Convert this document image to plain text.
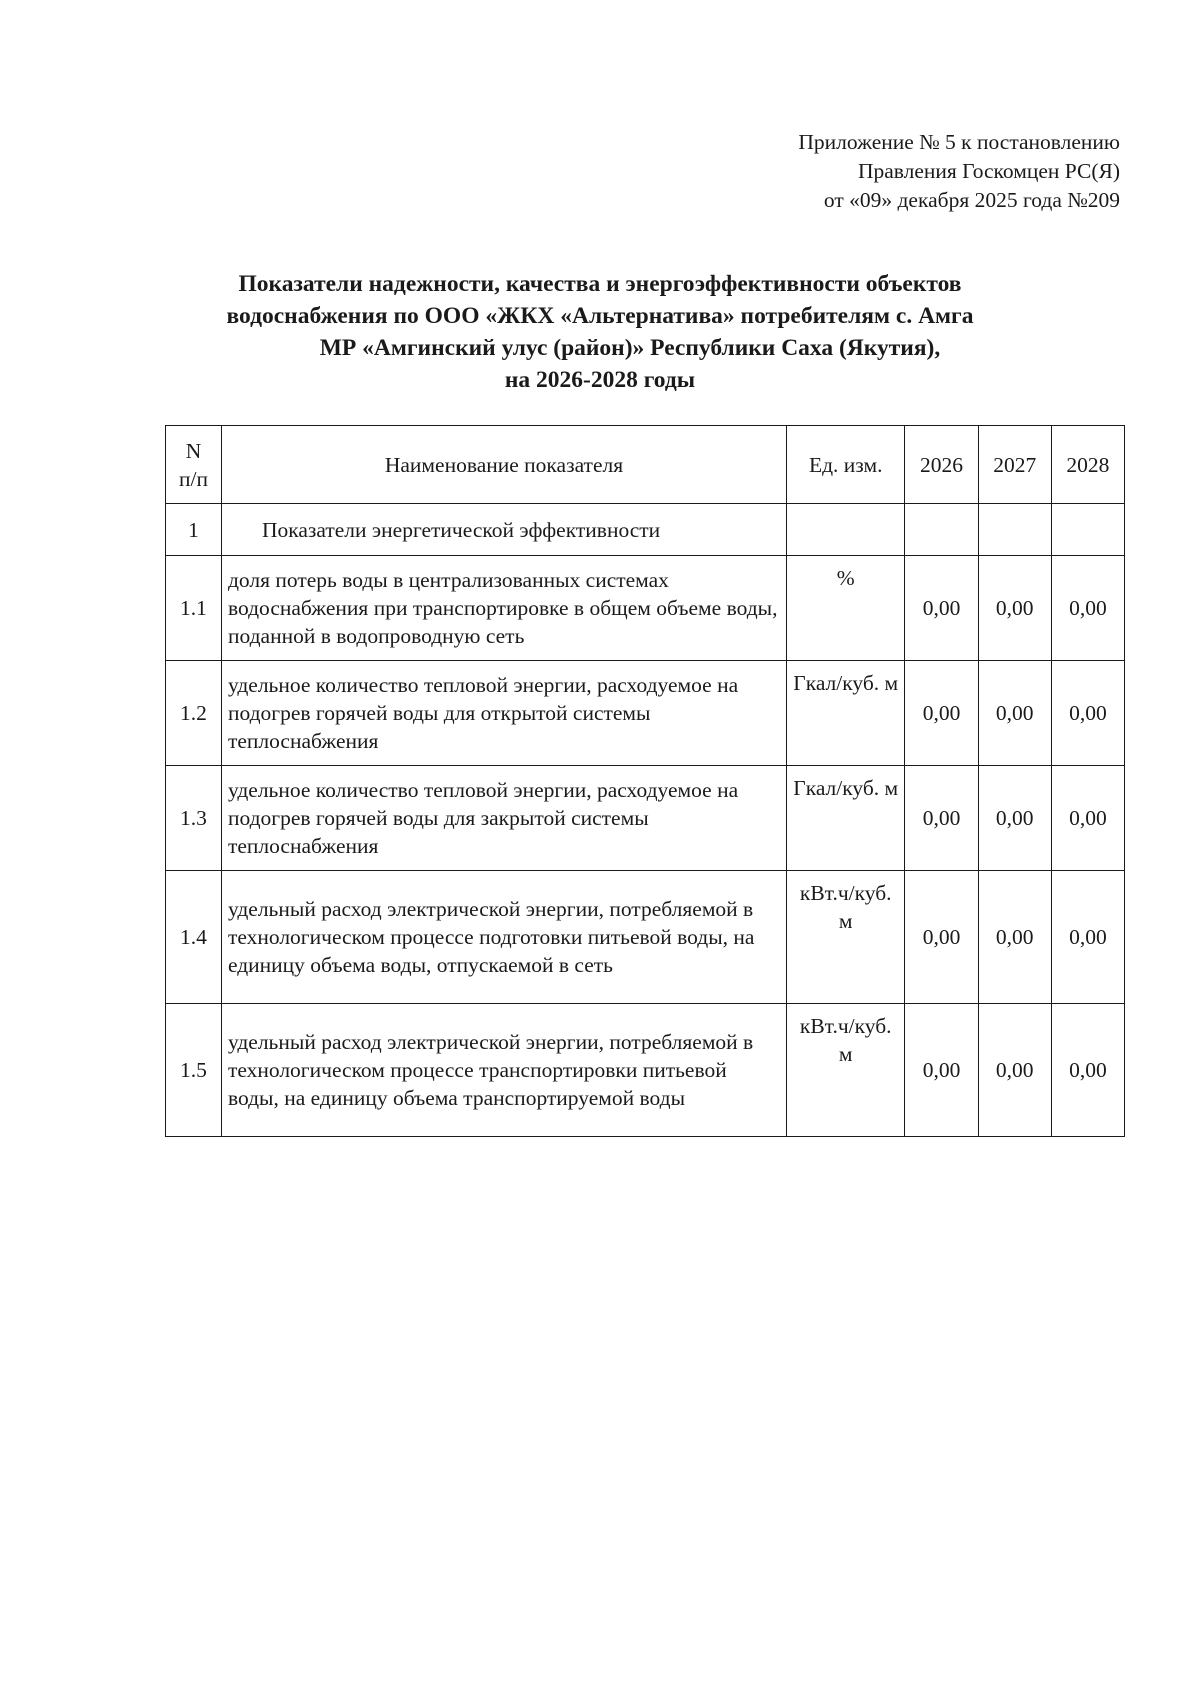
Приложение № 5 к постановлению
Правления Госкомцен РС(Я)
от «09» декабря 2025 года №209
Показатели надежности, качества и энергоэффективности объектов
водоснабжения по ООО «ЖКХ «Альтернатива» потребителям с. Амга
МР «Амгинский улус (район)» Республики Саха (Якутия),
на 2026-2028 годы
N
п/п	Наименование показателя	Ед. изм.	2026	2027	2028
1	Показатели энергетической эффективности				
1.1	доля потерь воды в централизованных системах водоснабжения при транспортировке в общем объеме воды, поданной в водопроводную сеть	%	0,00	0,00	0,00
1.2	удельное количество тепловой энергии, расходуемое на подогрев горячей воды для открытой системы теплоснабжения	Гкал/куб. м	0,00	0,00	0,00
1.3	удельное количество тепловой энергии, расходуемое на подогрев горячей воды для закрытой системы теплоснабжения	Гкал/куб. м	0,00	0,00	0,00
1.4	удельный расход электрической энергии, потребляемой в технологическом процессе подготовки питьевой воды, на единицу объема воды, отпускаемой в сеть	кВт.ч/куб. м	0,00	0,00	0,00
1.5	удельный расход электрической энергии, потребляемой в технологическом процессе транспортировки питьевой воды, на единицу объема транспортируемой воды	кВт.ч/куб. м	0,00	0,00	0,00
